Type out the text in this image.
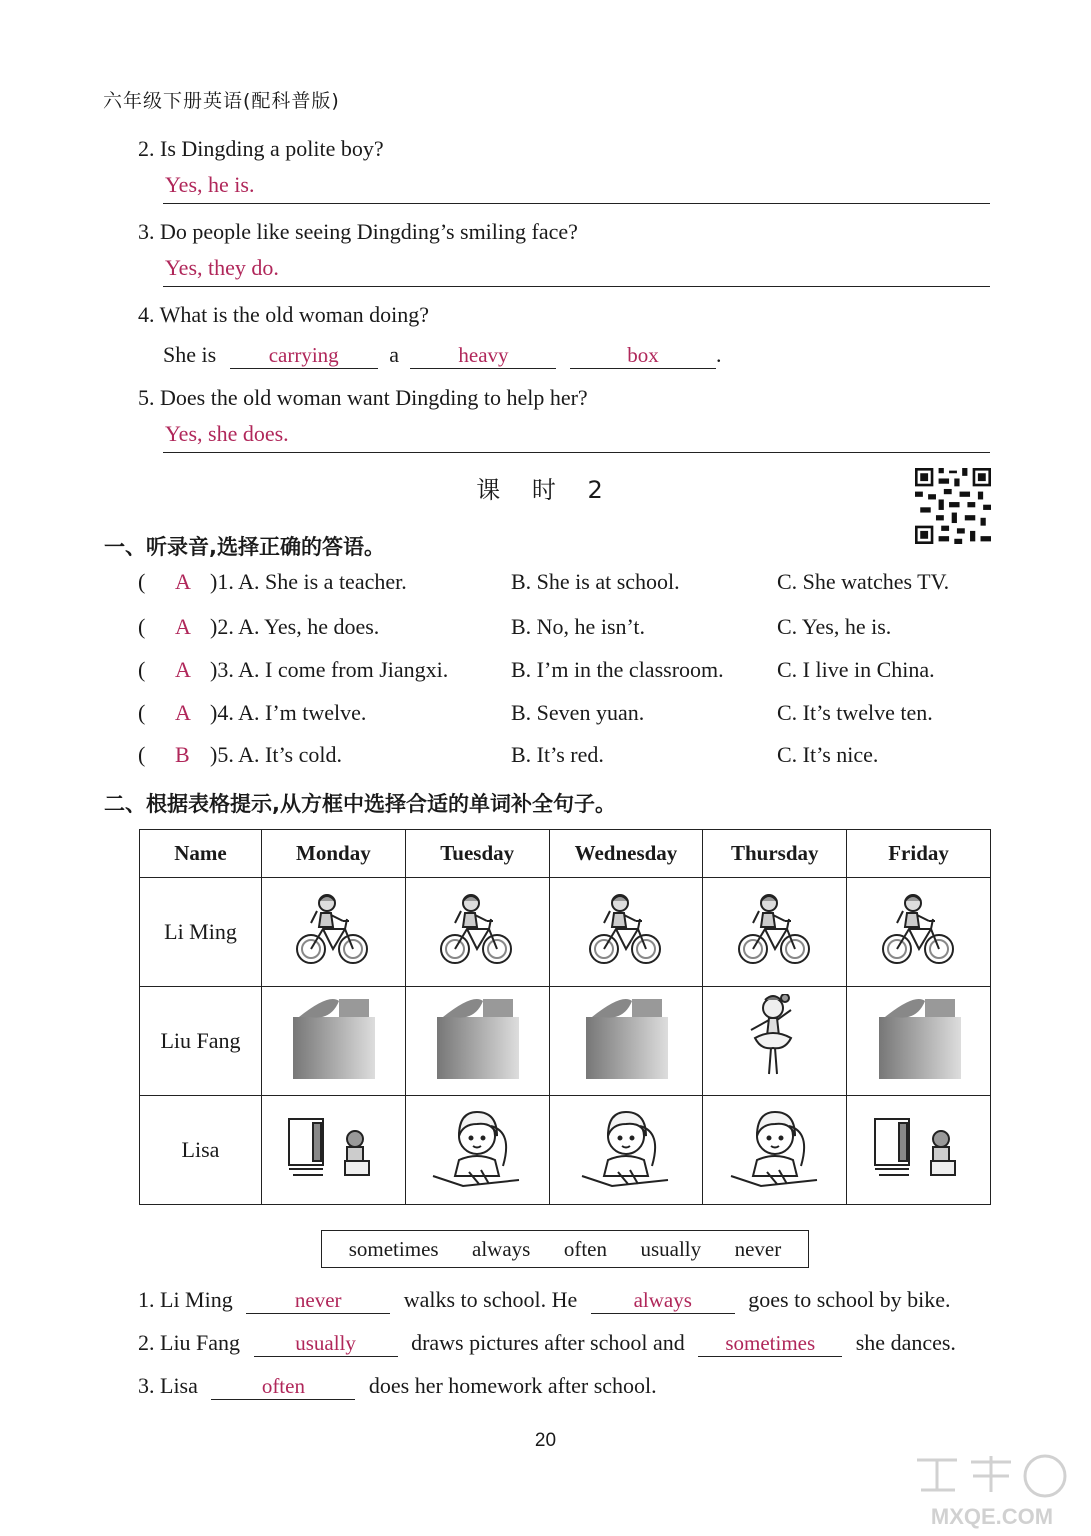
六年级下册英语(配科普版)
2. Is Dingding a polite boy?
Yes, he is.
3. Do people like seeing Dingding’s smiling face?
Yes, they do.
4. What is the old woman doing?
She is	carrying a	heavy	box	.
5. Does the old woman want Dingding to help her?
Yes, she does.
课 时 2
一、听录音,选择正确的答语。
( A )1. A. She is a teacher.	B. She is at school.	C. She watches TV.
( A )2. A. Yes, he does.	B. No, he isn’t.	C. Yes, he is.
( A )3. A. I come from Jiangxi.	B. I’m in the classroom. C. I live in China.
( A )4. A. I’m twelve.	B. Seven yuan.	C. It’s twelve ten.
( B )5. A. It’s cold.	B. It’s red.	C. It’s nice.
二、根据表格提示,从方框中选择合适的单词补全句子。
Name	Monday	Tuesday	Wednesday	Thursday	Friday
Li Ming					
Liu Fang					
Lisa					
sometimes always often usually never
1. Li Ming	never	walks to school. He	always	goes to school by bike.
2. Liu Fang	usually	draws pictures after school and sometimes she dances.
3. Lisa	often	does her homework after school.
20
MXQE.COM
